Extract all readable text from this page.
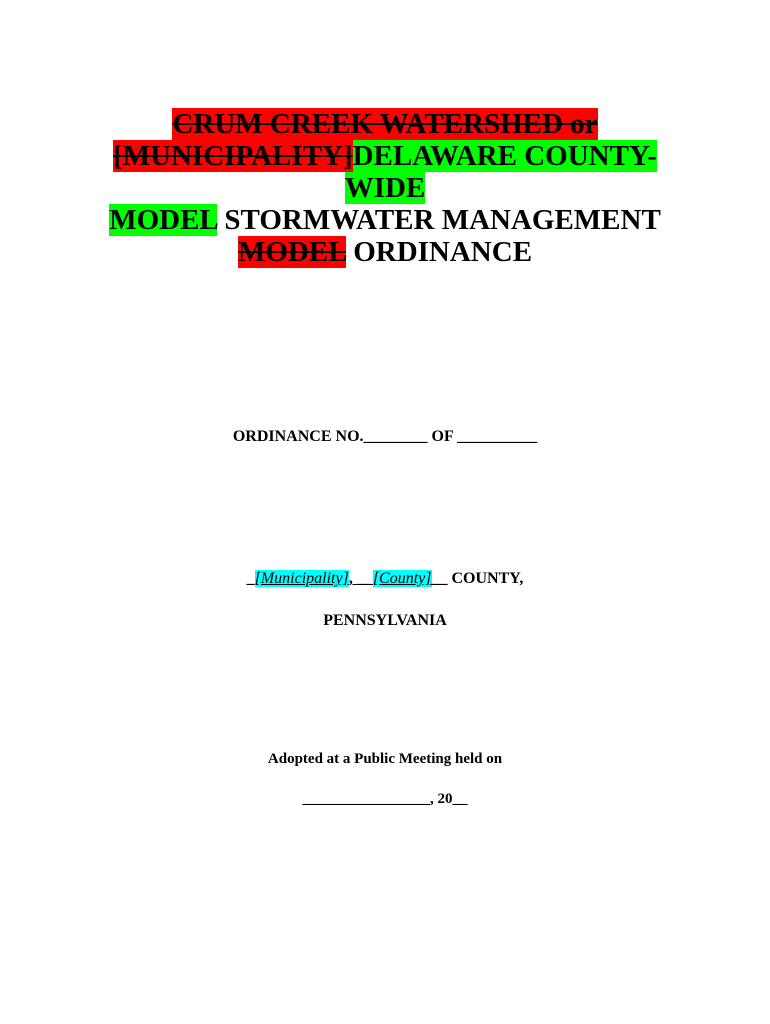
CRUM CREEK WATERSHED or
[MUNICIPALITY]DELAWARE COUNTY-
WIDE
MODEL STORMWATER MANAGEMENT
MODEL ORDINANCE
ORDINANCE NO.________ OF __________
_[Municipality], __[County]__ COUNTY,
PENNSYLVANIA
Adopted at a Public Meeting held on
_________________, 20__
